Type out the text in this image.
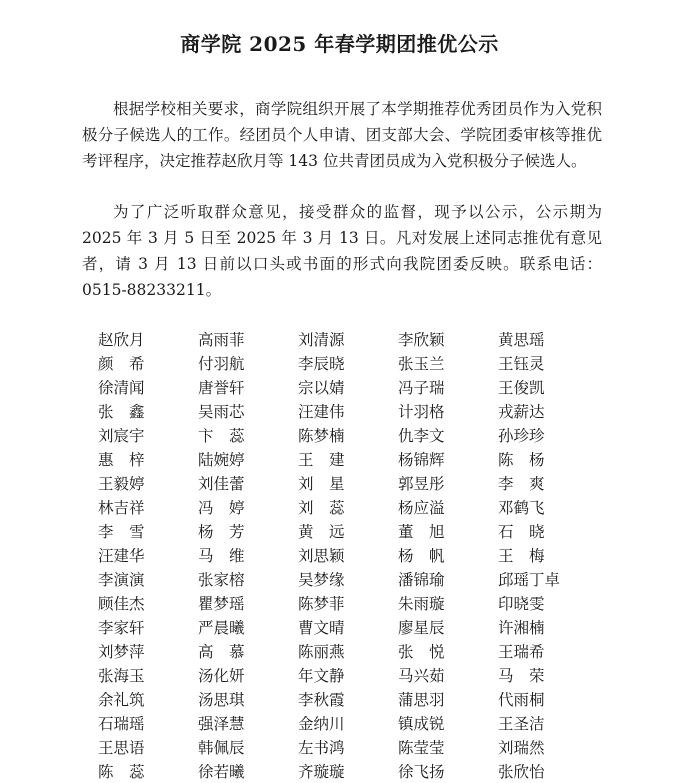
商学院 2025 年春学期团推优公示

根据学校相关要求，商学院组织开展了本学期推荐优秀团员作为入党积极分子候选人的工作。经团员个人申请、团支部大会、学院团委审核等推优考评程序，决定推荐赵欣月等 143 位共青团员成为入党积极分子候选人。

为了广泛听取群众意见，接受群众的监督，现予以公示，公示期为 2025 年 3 月 5 日至 2025 年 3 月 13 日。凡对发展上述同志推优有意见者，请 3 月 13 日前以口头或书面的形式向我院团委反映。联系电话：0515-88233211。

赵欣月	高雨菲	刘清源	李欣颖	黄思瑶
颜　希	付羽航	李辰晓	张玉兰	王钰灵
徐清闻	唐誉轩	宗以婧	冯子瑞	王俊凯
张　鑫	吴雨芯	汪建伟	计羽格	戎薪达
刘宸宇	卞　蕊	陈梦楠	仇李文	孙珍珍
惠　梓	陆婉婷	王　建	杨锦辉	陈　杨
王毅婷	刘佳蕾	刘　星	郭昱彤	李　爽
林吉祥	冯　婷	刘　蕊	杨应溢	邓鹤飞
李　雪	杨　芳	黄　远	董　旭	石　晓
汪建华	马　维	刘思颖	杨　帆	王　梅
李演演	张家榕	吴梦缘	潘锦瑜	邱瑶丁卓
顾佳杰	瞿梦瑶	陈梦菲	朱雨璇	印晓雯
李家轩	严晨曦	曹文晴	廖星辰	许湘楠
刘梦萍	高　慕	陈丽燕	张　悦	王瑞希
张海玉	汤化妍	年文静	马兴茹	马　荣
余礼筑	汤思琪	李秋霞	蒲思羽	代雨桐
石瑞瑶	强泽慧	金纳川	镇成锐	王圣洁
王思语	韩佩辰	左书鸿	陈莹莹	刘瑞然
陈　蕊	徐若曦	齐璇璇	徐飞扬	张欣怡
